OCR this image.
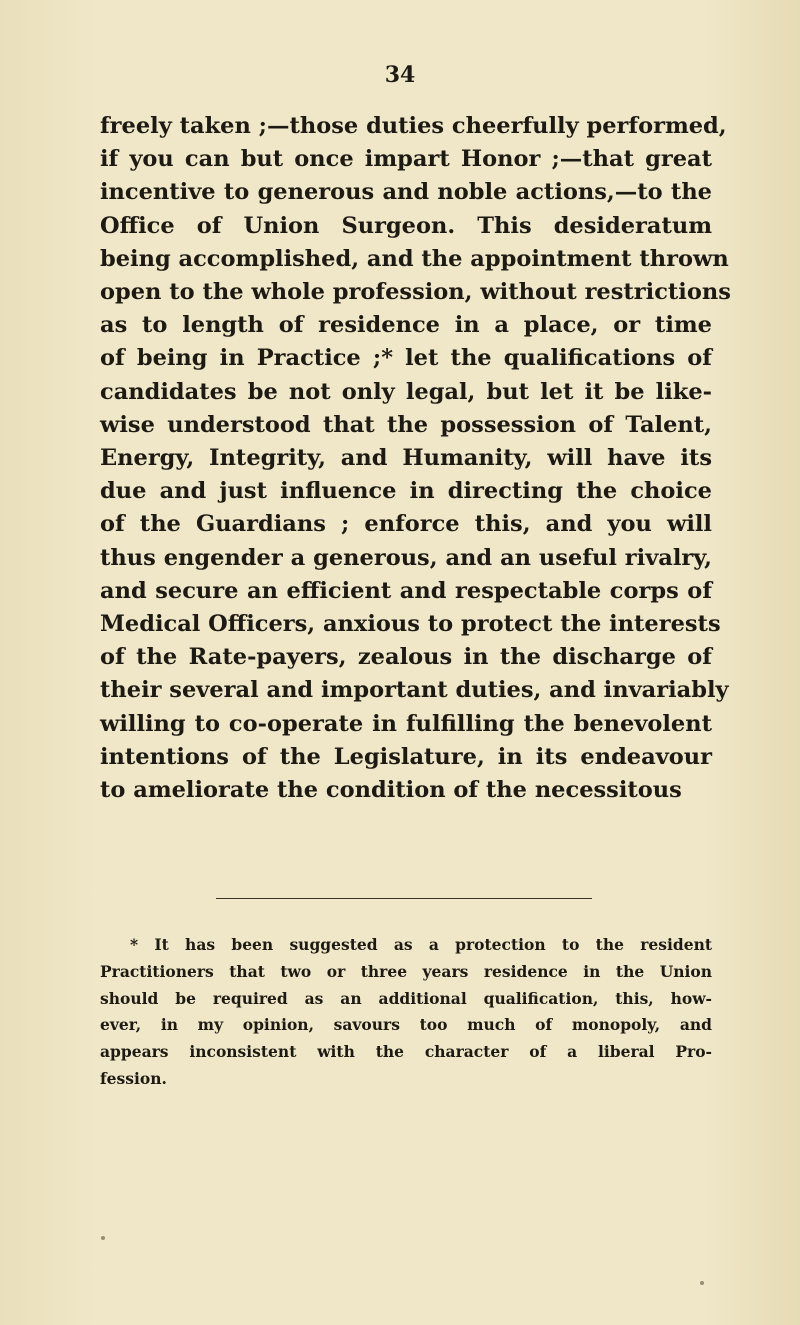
34
freely taken ;—those duties cheerfully performed,
if you can but once impart Honor ;—that great
incentive to generous and noble actions,—to the
Office of Union Surgeon. This desideratum
being accomplished, and the appointment thrown
open to the whole profession, without restrictions
as to length of residence in a place, or time
of being in Practice ;* let the qualifications of
candidates be not only legal, but let it be like-
wise understood that the possession of Talent,
Energy, Integrity, and Humanity, will have its
due and just influence in directing the choice
of the Guardians ; enforce this, and you will
thus engender a generous, and an useful rivalry,
and secure an efficient and respectable corps of
Medical Officers, anxious to protect the interests
of the Rate-payers, zealous in the discharge of
their several and important duties, and invariably
willing to co-operate in fulfilling the benevolent
intentions of the Legislature, in its endeavour
to ameliorate the condition of the necessitous
* It has been suggested as a protection to the resident
Practitioners that two or three years residence in the Union
should be required as an additional qualification, this, how-
ever, in my opinion, savours too much of monopoly, and
appears inconsistent with the character of a liberal Pro-
fession.
